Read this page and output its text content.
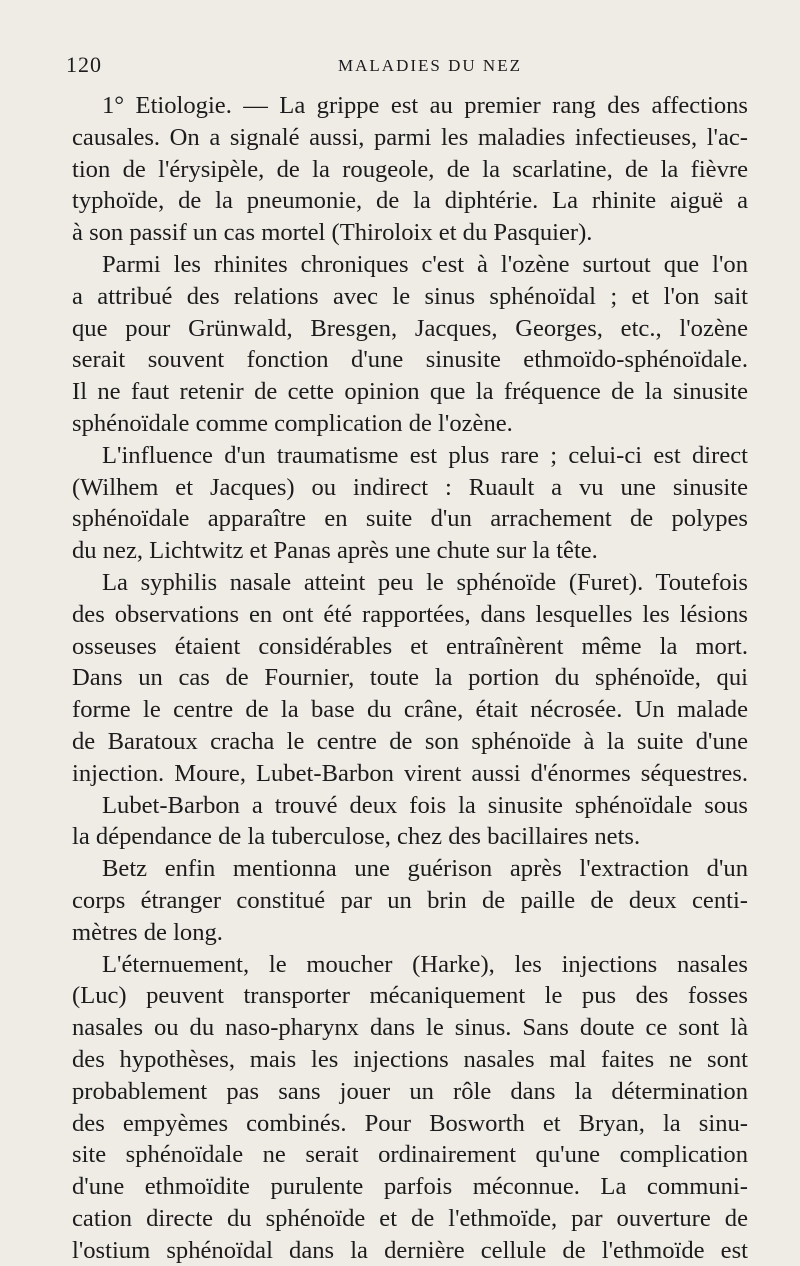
120	MALADIES DU NEZ
1° Etiologie. — La grippe est au premier rang des affections
causales. On a signalé aussi, parmi les maladies infectieuses, l'ac-
tion de l'érysipèle, de la rougeole, de la scarlatine, de la fièvre
typhoïde, de la pneumonie, de la diphtérie. La rhinite aiguë a
à son passif un cas mortel (Thiroloix et du Pasquier).
Parmi les rhinites chroniques c'est à l'ozène surtout que l'on
a attribué des relations avec le sinus sphénoïdal ; et l'on sait
que pour Grünwald, Bresgen, Jacques, Georges, etc., l'ozène
serait souvent fonction d'une sinusite ethmoïdo-sphénoïdale.
Il ne faut retenir de cette opinion que la fréquence de la sinusite
sphénoïdale comme complication de l'ozène.
L'influence d'un traumatisme est plus rare ; celui-ci est direct
(Wilhem et Jacques) ou indirect : Ruault a vu une sinusite
sphénoïdale apparaître en suite d'un arrachement de polypes
du nez, Lichtwitz et Panas après une chute sur la tête.
La syphilis nasale atteint peu le sphénoïde (Furet). Toutefois
des observations en ont été rapportées, dans lesquelles les lésions
osseuses étaient considérables et entraînèrent même la mort.
Dans un cas de Fournier, toute la portion du sphénoïde, qui
forme le centre de la base du crâne, était nécrosée. Un malade
de Baratoux cracha le centre de son sphénoïde à la suite d'une
injection. Moure, Lubet-Barbon virent aussi d'énormes séquestres.
Lubet-Barbon a trouvé deux fois la sinusite sphénoïdale sous
la dépendance de la tuberculose, chez des bacillaires nets.
Betz enfin mentionna une guérison après l'extraction d'un
corps étranger constitué par un brin de paille de deux centi-
mètres de long.
L'éternuement, le moucher (Harke), les injections nasales
(Luc) peuvent transporter mécaniquement le pus des fosses
nasales ou du naso-pharynx dans le sinus. Sans doute ce sont là
des hypothèses, mais les injections nasales mal faites ne sont
probablement pas sans jouer un rôle dans la détermination
des empyèmes combinés. Pour Bosworth et Bryan, la sinu-
site sphénoïdale ne serait ordinairement qu'une complication
d'une ethmoïdite purulente parfois méconnue. La communi-
cation directe du sphénoïde et de l'ethmoïde, par ouverture de
l'ostium sphénoïdal dans la dernière cellule de l'ethmoïde est
